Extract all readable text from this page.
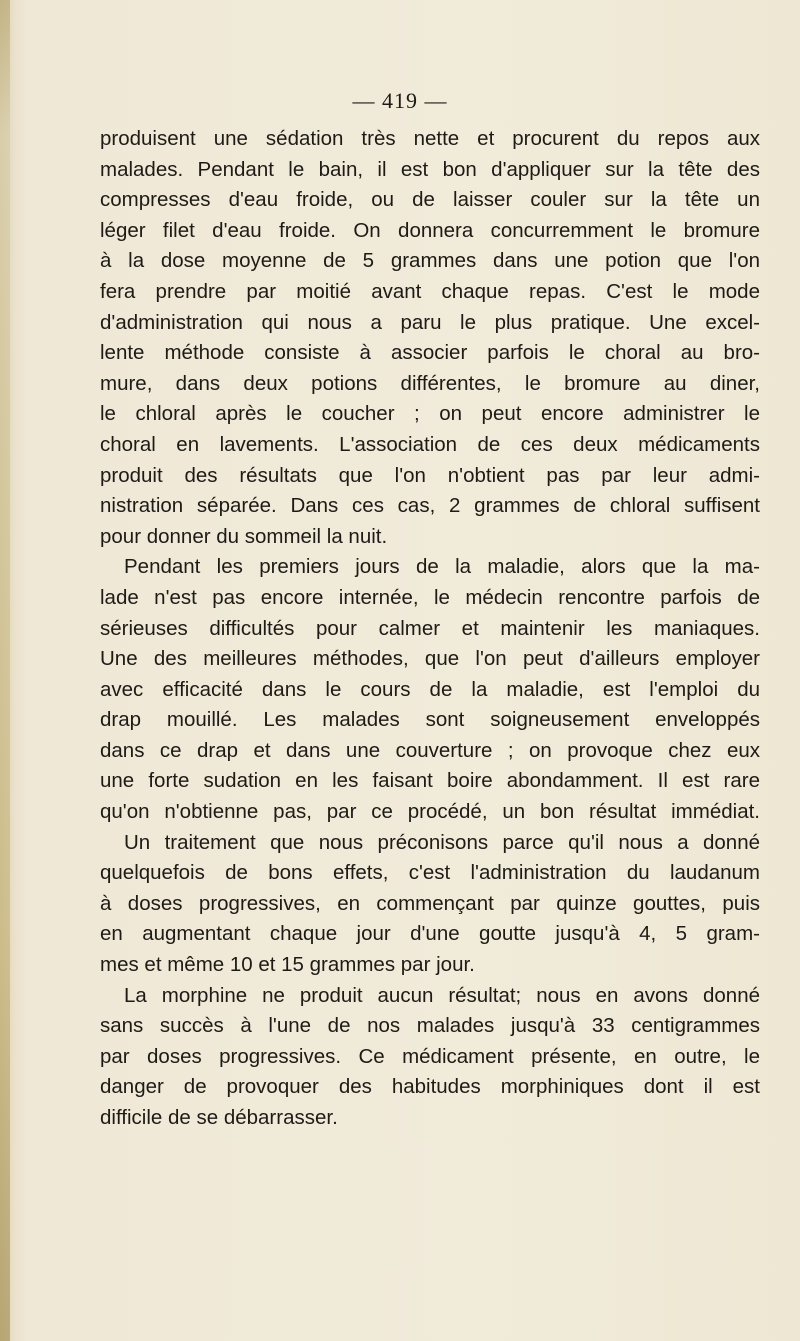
— 419 —
produisent une sédation très nette et procurent du repos aux
malades. Pendant le bain, il est bon d'appliquer sur la tête des
compresses d'eau froide, ou de laisser couler sur la tête un
léger filet d'eau froide. On donnera concurremment le bromure
à la dose moyenne de 5 grammes dans une potion que l'on
fera prendre par moitié avant chaque repas. C'est le mode
d'administration qui nous a paru le plus pratique. Une excel-
lente méthode consiste à associer parfois le choral au bro-
mure, dans deux potions différentes, le bromure au diner,
le chloral après le coucher ; on peut encore administrer le
choral en lavements. L'association de ces deux médicaments
produit des résultats que l'on n'obtient pas par leur admi-
nistration séparée. Dans ces cas, 2 grammes de chloral suffisent
pour donner du sommeil la nuit.
Pendant les premiers jours de la maladie, alors que la ma-
lade n'est pas encore internée, le médecin rencontre parfois de
sérieuses difficultés pour calmer et maintenir les maniaques.
Une des meilleures méthodes, que l'on peut d'ailleurs employer
avec efficacité dans le cours de la maladie, est l'emploi du
drap mouillé. Les malades sont soigneusement enveloppés
dans ce drap et dans une couverture ; on provoque chez eux
une forte sudation en les faisant boire abondamment. Il est rare
qu'on n'obtienne pas, par ce procédé, un bon résultat immédiat.
Un traitement que nous préconisons parce qu'il nous a donné
quelquefois de bons effets, c'est l'administration du laudanum
à doses progressives, en commençant par quinze gouttes, puis
en augmentant chaque jour d'une goutte jusqu'à 4, 5 gram-
mes et même 10 et 15 grammes par jour.
La morphine ne produit aucun résultat; nous en avons donné
sans succès à l'une de nos malades jusqu'à 33 centigrammes
par doses progressives. Ce médicament présente, en outre, le
danger de provoquer des habitudes morphiniques dont il est
difficile de se débarrasser.
